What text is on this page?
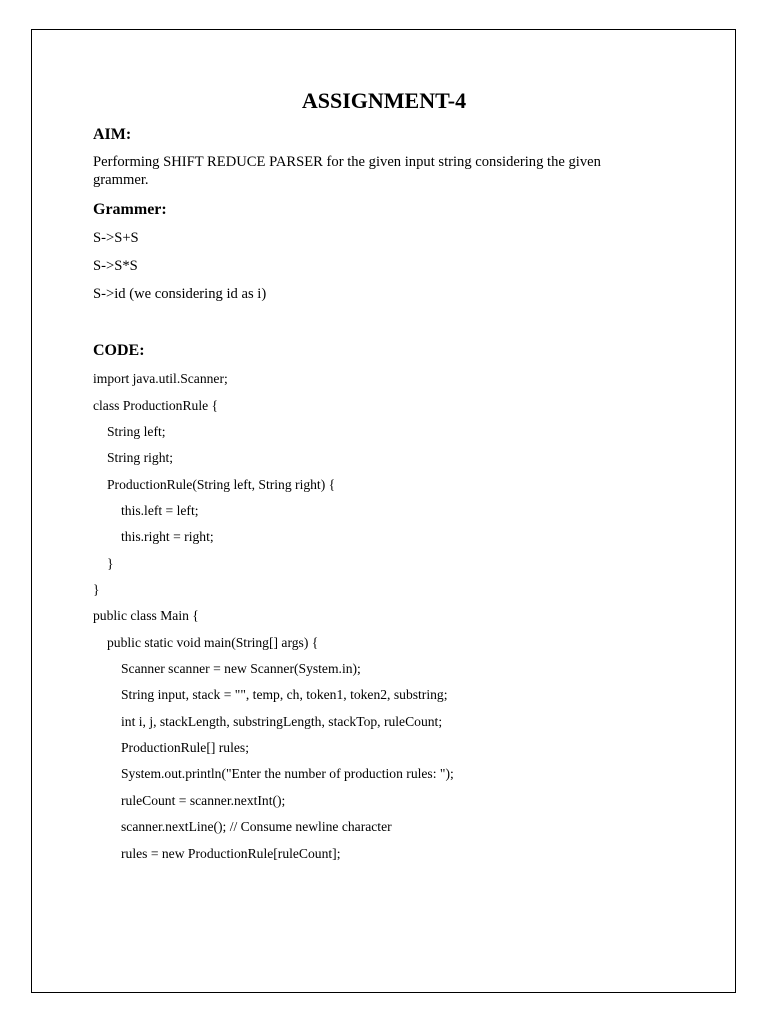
ASSIGNMENT-4
AIM:

Performing SHIFT REDUCE PARSER for the given input string considering the given grammer.

Grammer:

S->S+S

S->S*S

S->id (we considering id as i)

CODE:

import java.util.Scanner;

class ProductionRule {

String left;

String right;

ProductionRule(String left, String right) {

this.left = left;

this.right = right;

}

}

public class Main {

public static void main(String[] args) {

Scanner scanner = new Scanner(System.in);

String input, stack = "", temp, ch, token1, token2, substring;

int i, j, stackLength, substringLength, stackTop, ruleCount;

ProductionRule[] rules;

System.out.println("Enter the number of production rules: ");

ruleCount = scanner.nextInt();

scanner.nextLine(); // Consume newline character

rules = new ProductionRule[ruleCount];
